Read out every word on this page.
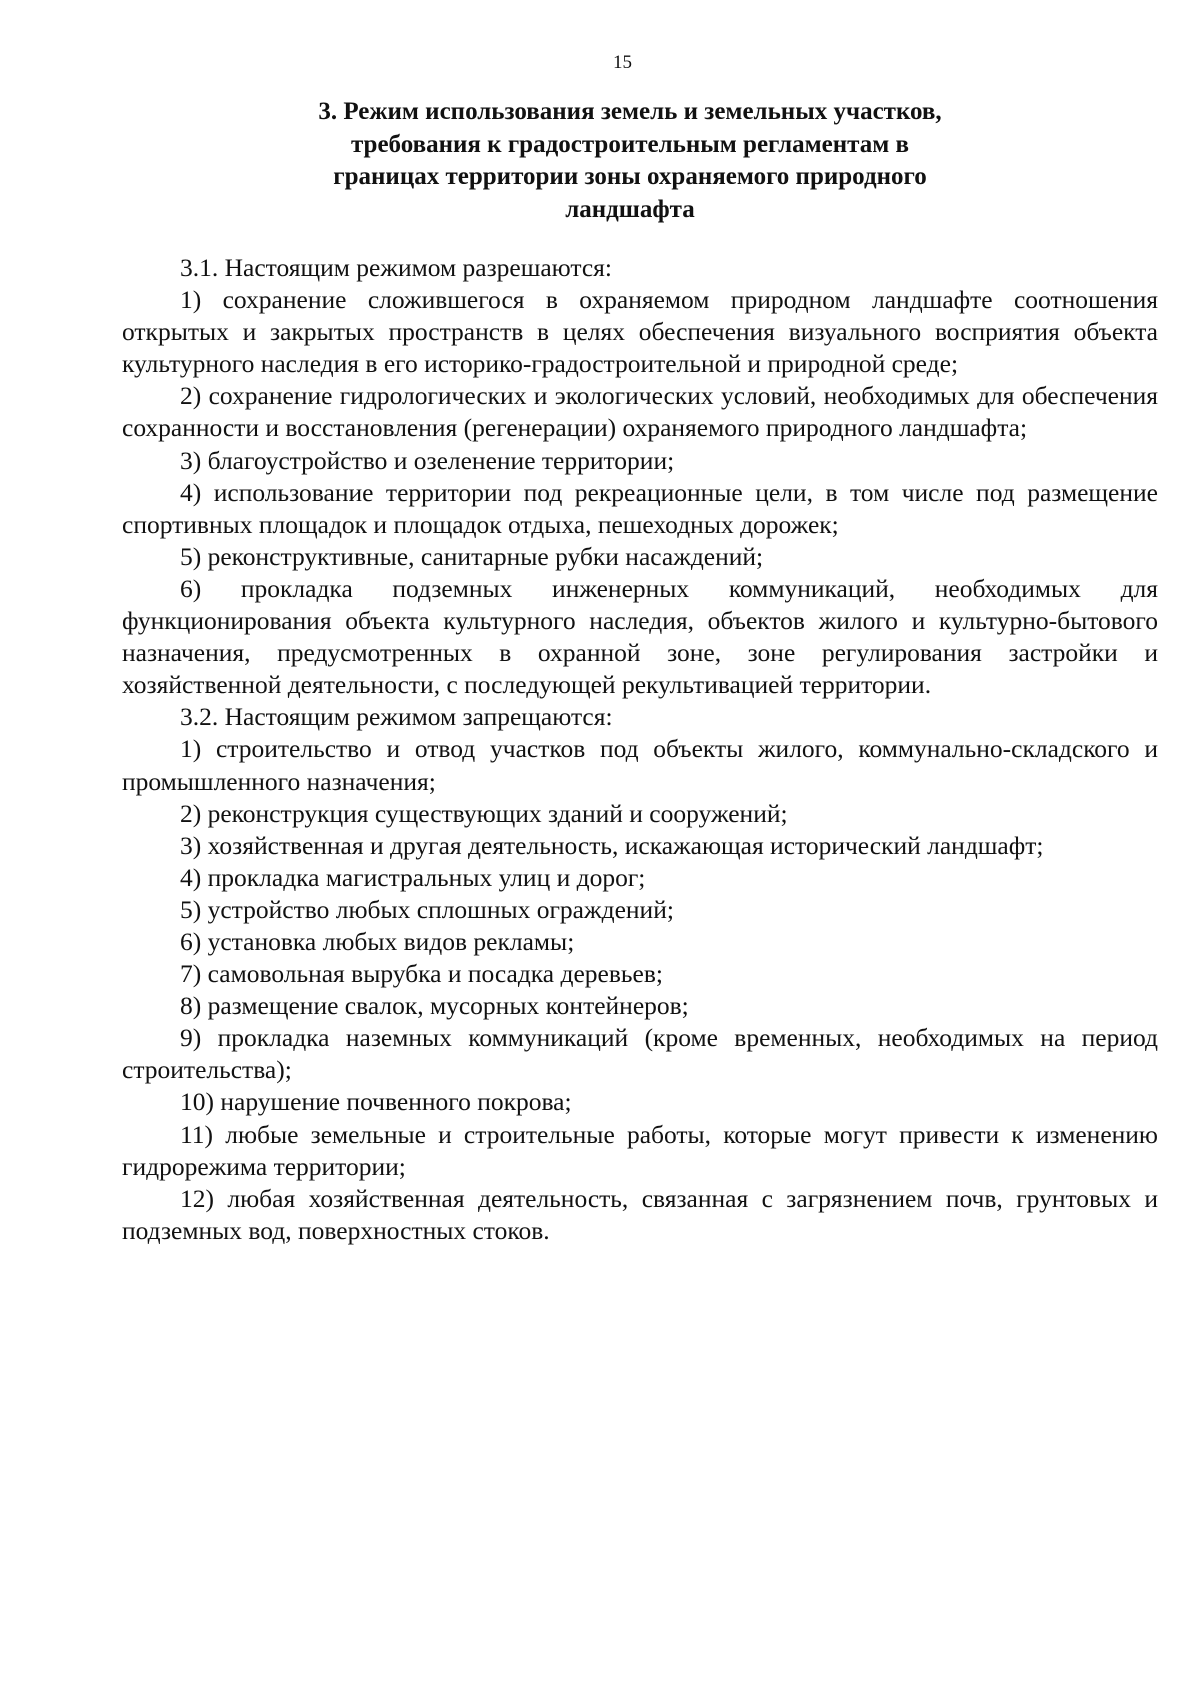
15
3. Режим использования земель и земельных участков, требования к градостроительным регламентам в границах территории зоны охраняемого природного ландшафта

3.1. Настоящим режимом разрешаются:

1) сохранение сложившегося в охраняемом природном ландшафте соотношения открытых и закрытых пространств в целях обеспечения визуального восприятия объекта культурного наследия в его историко-градостроительной и природной среде;

2) сохранение гидрологических и экологических условий, необходимых для обеспечения сохранности и восстановления (регенерации) охраняемого природного ландшафта;

3) благоустройство и озеленение территории;

4) использование территории под рекреационные цели, в том числе под размещение спортивных площадок и площадок отдыха, пешеходных дорожек;

5) реконструктивные, санитарные рубки насаждений;

6) прокладка подземных инженерных коммуникаций, необходимых для функционирования объекта культурного наследия, объектов жилого и культурно-бытового назначения, предусмотренных в охранной зоне, зоне регулирования застройки и хозяйственной деятельности, с последующей рекультивацией территории.

3.2. Настоящим режимом запрещаются:

1) строительство и отвод участков под объекты жилого, коммунально-складского и промышленного назначения;

2) реконструкция существующих зданий и сооружений;

3) хозяйственная и другая деятельность, искажающая исторический ландшафт;

4) прокладка магистральных улиц и дорог;

5) устройство любых сплошных ограждений;

6) установка любых видов рекламы;

7) самовольная вырубка и посадка деревьев;

8) размещение свалок, мусорных контейнеров;

9) прокладка наземных коммуникаций (кроме временных, необходимых на период строительства);

10) нарушение почвенного покрова;

11) любые земельные и строительные работы, которые могут привести к изменению гидрорежима территории;

12) любая хозяйственная деятельность, связанная с загрязнением почв, грунтовых и подземных вод, поверхностных стоков.
